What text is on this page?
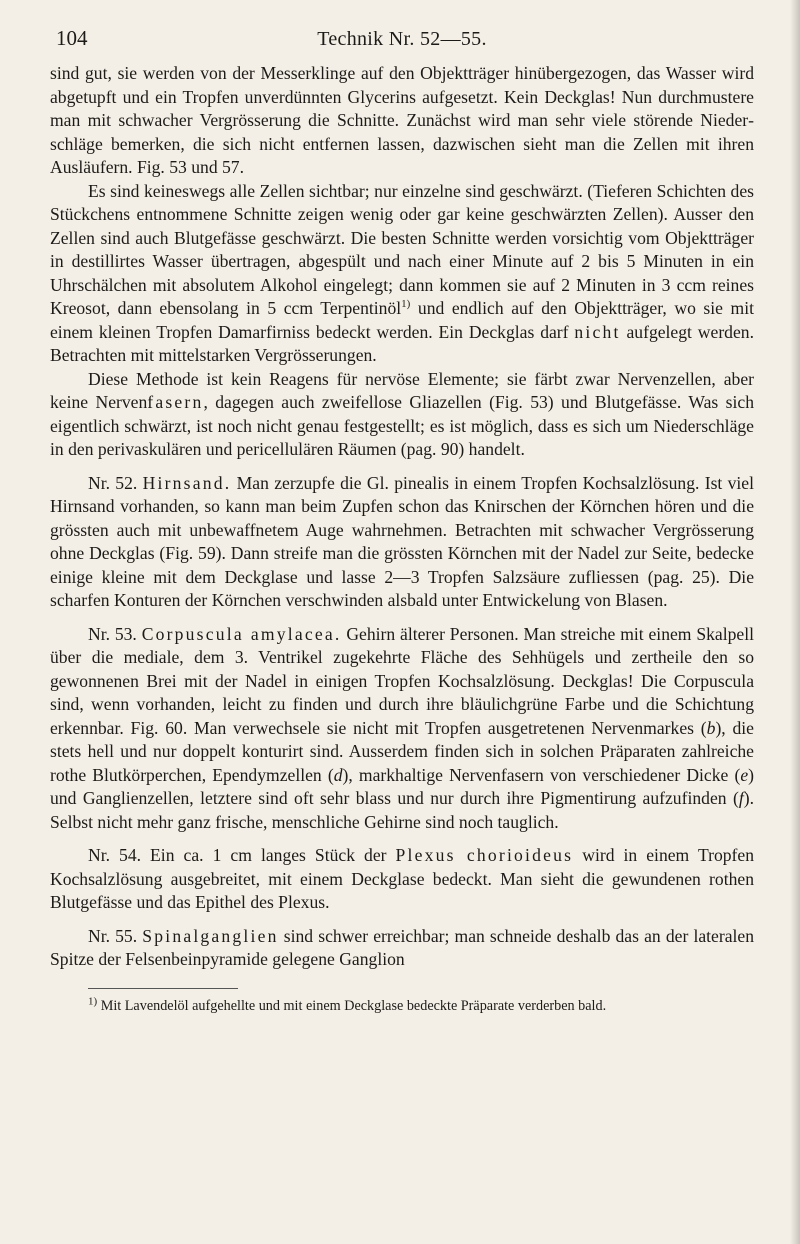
104	Technik Nr. 52—55.

sind gut, sie werden von der Messerklinge auf den Objektträger hinübergezogen, das Wasser wird abgetupft und ein Tropfen unverdünnten Glycerins aufgesetzt. Kein Deckglas! Nun durchmustere man mit schwacher Vergrösserung die Schnitte. Zunächst wird man sehr viele störende Niederschläge bemerken, die sich nicht entfernen lassen, dazwischen sieht man die Zellen mit ihren Ausläufern. Fig. 53 und 57.

Es sind keineswegs alle Zellen sichtbar; nur einzelne sind geschwärzt. (Tieferen Schichten des Stückchens entnommene Schnitte zeigen wenig oder gar keine geschwärzten Zellen). Ausser den Zellen sind auch Blutgefässe geschwärzt. Die besten Schnitte werden vorsichtig vom Objektträger in destillirtes Wasser übertragen, abgespült und nach einer Minute auf 2 bis 5 Minuten in ein Uhrschälchen mit absolutem Alkohol eingelegt; dann kommen sie auf 2 Minuten in 3 ccm reines Kreosot, dann ebensolang in 5 ccm Terpentinöl$^{1)}$ und endlich auf den Objektträger, wo sie mit einem kleinen Tropfen Damarfirniss bedeckt werden. Ein Deckglas darf nicht aufgelegt werden. Betrachten mit mittelstarken Vergrösserungen.

Diese Methode ist kein Reagens für nervöse Elemente; sie färbt zwar Nervenzellen, aber keine Nervenfasern, dagegen auch zweifellose Gliazellen (Fig. 53) und Blutgefässe. Was sich eigentlich schwärzt, ist noch nicht genau festgestellt; es ist möglich, dass es sich um Niederschläge in den perivaskulären und pericellulären Räumen (pag. 90) handelt.

Nr. 52. Hirnsand. Man zerzupfe die Gl. pinealis in einem Tropfen Kochsalzlösung. Ist viel Hirnsand vorhanden, so kann man beim Zupfen schon das Knirschen der Körnchen hören und die grössten auch mit unbewaffnetem Auge wahrnehmen. Betrachten mit schwacher Vergrösserung ohne Deckglas (Fig. 59). Dann streife man die grössten Körnchen mit der Nadel zur Seite, bedecke einige kleine mit dem Deckglase und lasse 2—3 Tropfen Salzsäure zufliessen (pag. 25). Die scharfen Konturen der Körnchen verschwinden alsbald unter Entwickelung von Blasen.

Nr. 53. Corpuscula amylacea. Gehirn älterer Personen. Man streiche mit einem Skalpell über die mediale, dem 3. Ventrikel zugekehrte Fläche des Sehhügels und zertheile den so gewonnenen Brei mit der Nadel in einigen Tropfen Kochsalzlösung. Deckglas! Die Corpuscula sind, wenn vorhanden, leicht zu finden und durch ihre bläulichgrüne Farbe und die Schichtung erkennbar. Fig. 60. Man verwechsele sie nicht mit Tropfen ausgetretenen Nervenmarkes (b), die stets hell und nur doppelt konturirt sind. Ausserdem finden sich in solchen Präparaten zahlreiche rothe Blutkörperchen, Ependymzellen (d), markhaltige Nervenfasern von verschiedener Dicke (e) und Ganglienzellen, letztere sind oft sehr blass und nur durch ihre Pigmentirung aufzufinden (f). Selbst nicht mehr ganz frische, menschliche Gehirne sind noch tauglich.

Nr. 54. Ein ca. 1 cm langes Stück der Plexus chorioideus wird in einem Tropfen Kochsalzlösung ausgebreitet, mit einem Deckglase bedeckt. Man sieht die gewundenen rothen Blutgefässe und das Epithel des Plexus.

Nr. 55. Spinalganglien sind schwer erreichbar; man schneide deshalb das an der lateralen Spitze der Felsenbeinpyramide gelegene Ganglion

$^{1)}$ Mit Lavendelöl aufgehellte und mit einem Deckglase bedeckte Präparate verderben bald.
